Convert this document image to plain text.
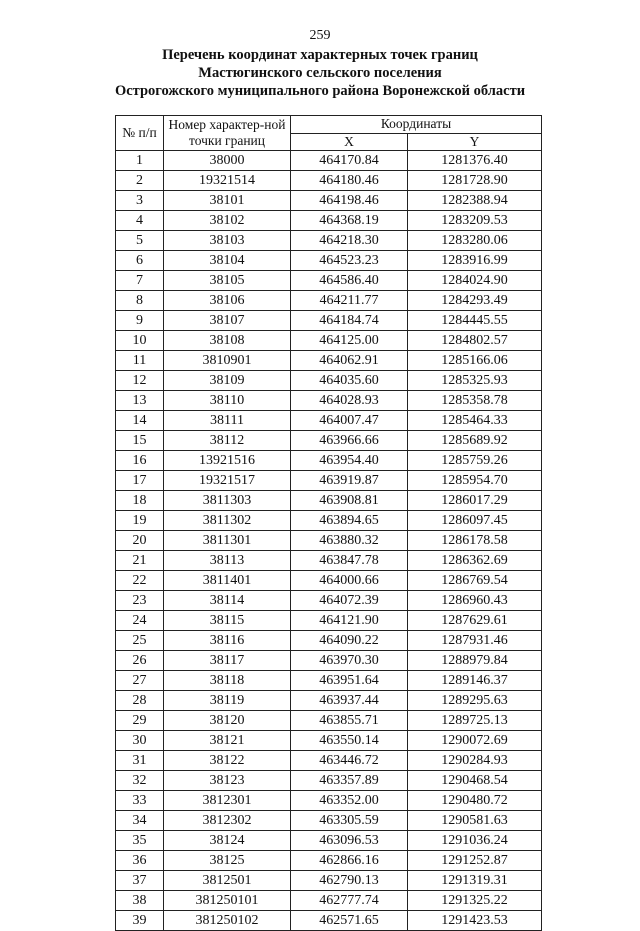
259
Перечень координат характерных точек границ
Мастюгинского сельского поселения
Острогожского муниципального района Воронежской области
№ п/п	Номер характер-ной точки границ	Координаты	
		X	Y
1	38000	464170.84	1281376.40
2	19321514	464180.46	1281728.90
3	38101	464198.46	1282388.94
4	38102	464368.19	1283209.53
5	38103	464218.30	1283280.06
6	38104	464523.23	1283916.99
7	38105	464586.40	1284024.90
8	38106	464211.77	1284293.49
9	38107	464184.74	1284445.55
10	38108	464125.00	1284802.57
11	3810901	464062.91	1285166.06
12	38109	464035.60	1285325.93
13	38110	464028.93	1285358.78
14	38111	464007.47	1285464.33
15	38112	463966.66	1285689.92
16	13921516	463954.40	1285759.26
17	19321517	463919.87	1285954.70
18	3811303	463908.81	1286017.29
19	3811302	463894.65	1286097.45
20	3811301	463880.32	1286178.58
21	38113	463847.78	1286362.69
22	3811401	464000.66	1286769.54
23	38114	464072.39	1286960.43
24	38115	464121.90	1287629.61
25	38116	464090.22	1287931.46
26	38117	463970.30	1288979.84
27	38118	463951.64	1289146.37
28	38119	463937.44	1289295.63
29	38120	463855.71	1289725.13
30	38121	463550.14	1290072.69
31	38122	463446.72	1290284.93
32	38123	463357.89	1290468.54
33	3812301	463352.00	1290480.72
34	3812302	463305.59	1290581.63
35	38124	463096.53	1291036.24
36	38125	462866.16	1291252.87
37	3812501	462790.13	1291319.31
38	381250101	462777.74	1291325.22
39	381250102	462571.65	1291423.53
